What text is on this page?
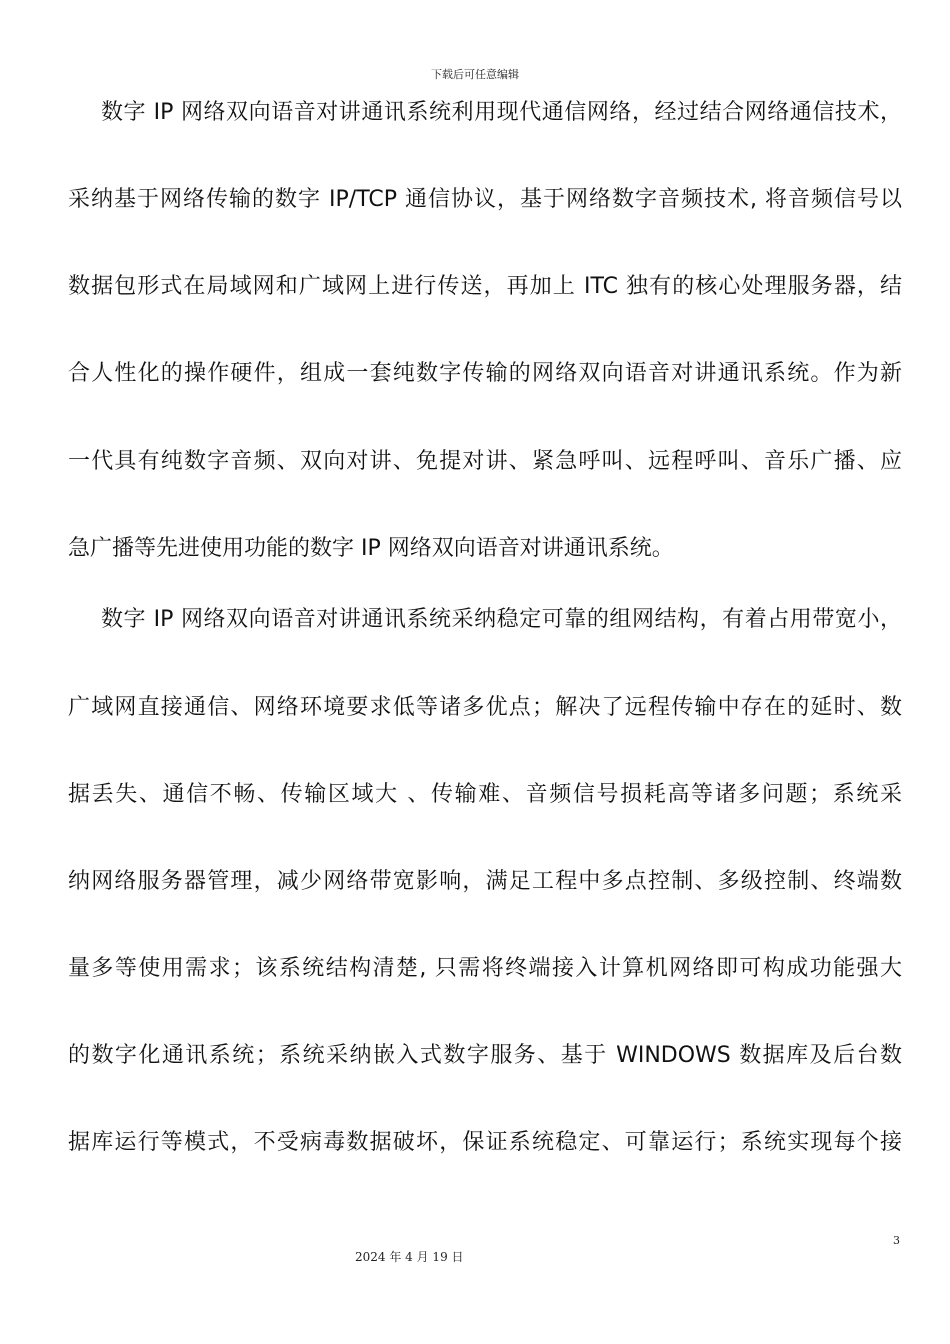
下载后可任意编辑
数字 IP 网络双向语音对讲通讯系统利用现代通信网络，经过结合网络通信技术，
采纳基于网络传输的数字 IP/TCP 通信协议，基于网络数字音频技术, 将音频信号以
数据包形式在局域网和广域网上进行传送，再加上 ITC 独有的核心处理服务器，结
合人性化的操作硬件，组成一套纯数字传输的网络双向语音对讲通讯系统。作为新
一代具有纯数字音频、双向对讲、免提对讲、紧急呼叫、远程呼叫、音乐广播、应
急广播等先进使用功能的数字 IP 网络双向语音对讲通讯系统。
数字 IP 网络双向语音对讲通讯系统采纳稳定可靠的组网结构，有着占用带宽小，
广域网直接通信、网络环境要求低等诸多优点；解决了远程传输中存在的延时、数
据丢失、通信不畅、传输区域大 、传输难、音频信号损耗高等诸多问题；系统采
纳网络服务器管理，减少网络带宽影响，满足工程中多点控制、多级控制、终端数
量多等使用需求；该系统结构清楚, 只需将终端接入计算机网络即可构成功能强大
的数字化通讯系统；系统采纳嵌入式数字服务、基于 WINDOWS 数据库及后台数
据库运行等模式，不受病毒数据破坏，保证系统稳定、可靠运行；系统实现每个接
3
2024 年 4 月 19 日
